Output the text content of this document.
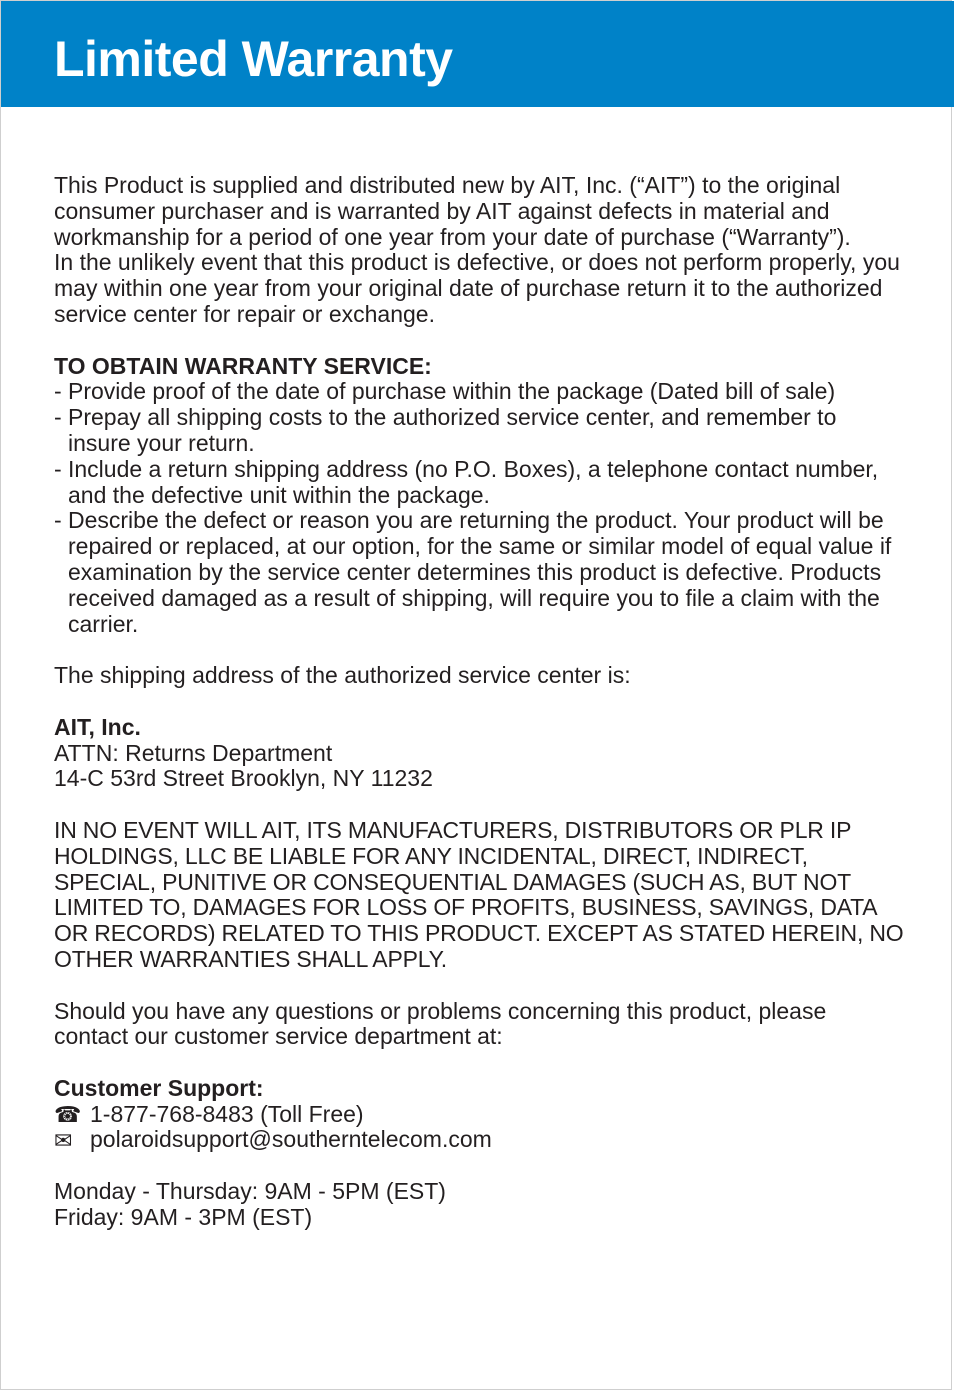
Limited Warranty

This Product is supplied and distributed new by AIT, Inc. (“AIT”) to the original consumer purchaser and is warranted by AIT against defects in material and workmanship for a period of one year from your date of purchase (“Warranty”).

In the unlikely event that this product is defective, or does not perform properly, you may within one year from your original date of purchase return it to the authorized service center for repair or exchange.

TO OBTAIN WARRANTY SERVICE:

- Provide proof of the date of purchase within the package (Dated bill of sale)
- Prepay all shipping costs to the authorized service center, and remember to insure your return.
- Include a return shipping address (no P.O. Boxes), a telephone contact number, and the defective unit within the package.
- Describe the defect or reason you are returning the product. Your product will be repaired or replaced, at our option, for the same or similar model of equal value if examination by the service center determines this product is defective. Products received damaged as a result of shipping, will require you to file a claim with the carrier.

The shipping address of the authorized service center is:

AIT, Inc.

ATTN: Returns Department

14-C 53rd Street Brooklyn, NY 11232

IN NO EVENT WILL AIT, ITS MANUFACTURERS, DISTRIBUTORS OR PLR IP HOLDINGS, LLC BE LIABLE FOR ANY INCIDENTAL, DIRECT, INDIRECT, SPECIAL, PUNITIVE OR CONSEQUENTIAL DAMAGES (SUCH AS, BUT NOT LIMITED TO, DAMAGES FOR LOSS OF PROFITS, BUSINESS, SAVINGS, DATA OR RECORDS) RELATED TO THIS PRODUCT. EXCEPT AS STATED HEREIN, NO OTHER WARRANTIES SHALL APPLY.

Should you have any questions or problems concerning this product, please contact our customer service department at:

Customer Support:

☎ 1-877-768-8483 (Toll Free)
✉ polaroidsupport@southerntelecom.com

Monday - Thursday: 9AM - 5PM (EST)

Friday: 9AM - 3PM (EST)
